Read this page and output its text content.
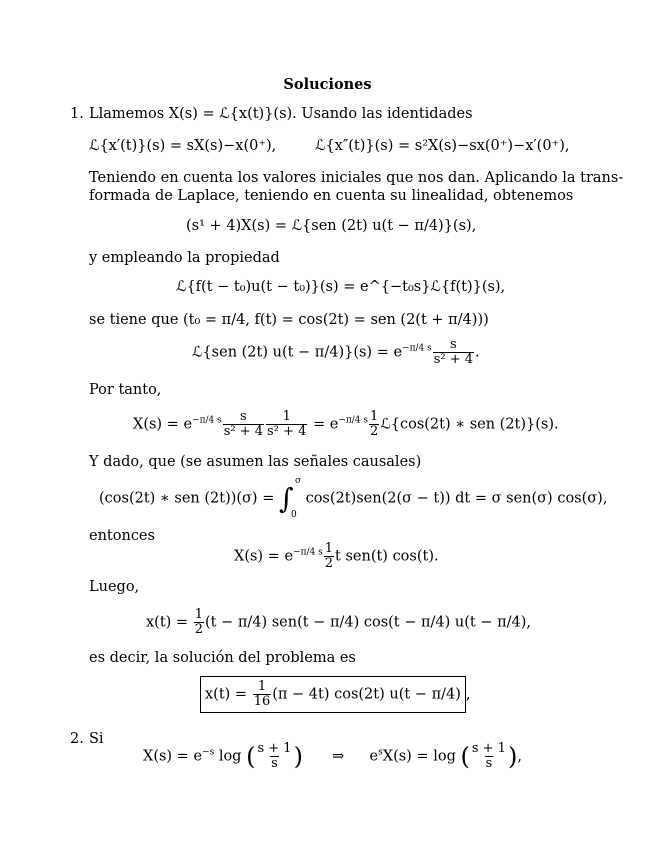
Soluciones
1. Llamemos X(s) = ℒ{x(t)}(s). Usando las identidades
ℒ{x′(t)}(s) = sX(s)−x(0⁺),	ℒ{x″(t)}(s) = s²X(s)−sx(0⁺)−x′(0⁺),
Teniendo en cuenta los valores iniciales que nos dan. Aplicando la trans-
formada de Laplace, teniendo en cuenta su linealidad, obtenemos
(s¹ + 4)X(s) = ℒ{sen (2t) u(t − π/4)}(s),
y empleando la propiedad
ℒ{f(t − t₀)u(t − t₀)}(s) = e^{−t₀s}ℒ{f(t)}(s),
se tiene que (t₀ = π/4, f(t) = cos(2t) = sen (2(t + π/4)))
ℒ{sen (2t) $u(t - \pi/4)\}(s) = e^{-\pi/4 s} \frac{s}{\text{s² + 4}}$ .
Por tanto,
$X(s) = e^{-\pi/4 s} \frac{s}{\text{s² + 4}} \frac{1}{\text{s² + 4}} = e^{-\pi/4 s} \frac{1}{2}$ ℒ{cos(2t) ∗ sen (2t)}(s).
Y dado, que (se asumen las señales causales)
(cos(2t) ∗ sen (2t))(σ) = ∫
σ
0
cos(2t)sen(2(σ − t)) dt = σ sen(σ) cos(σ),
entonces
$X(s) = e^{-\pi/4 s} \frac{1}{2}$ t sen(t) cos(t).
Luego,
$x(t) = \frac{1}{2} (t - \pi/4) sen(t - \pi/4) \cos(t - \pi/4) u(t - \pi/4)$,
es decir, la solución del problema es
$x(t) = \frac{1}{16} (\pi - 4t)$ cos(2t) u(t − π/4) ,
2. Si
$X(s) = e^{-s}$ log ( $\frac{s + 1}{s}$ ) ⇒ $e^sX(s) = \log$ ( $\frac{s + 1}{s}$ ),
